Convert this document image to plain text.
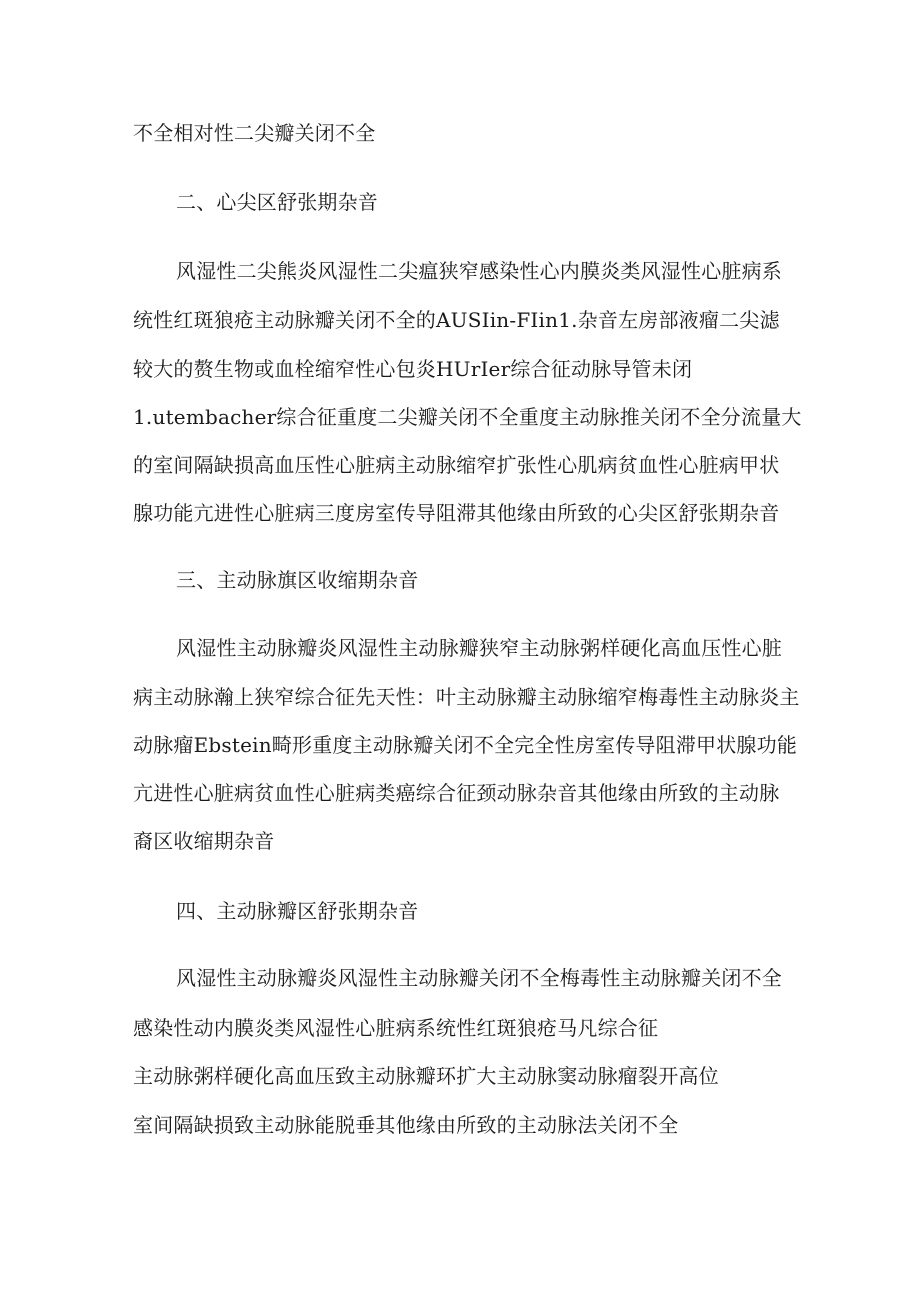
不全相对性二尖瓣关闭不全
二、心尖区舒张期杂音
风湿性二尖熊炎风湿性二尖瘟狭窄感染性心内膜炎类风湿性心脏病系
统性红斑狼疮主动脉瓣关闭不全的AUSIin-FIin1.杂音左房部液瘤二尖滤
较大的赘生物或血栓缩窄性心包炎HUrIer综合征动脉导管未闭
1.utembacher综合征重度二尖瓣关闭不全重度主动脉推关闭不全分流量大
的室间隔缺损高血压性心脏病主动脉缩窄扩张性心肌病贫血性心脏病甲状
腺功能亢进性心脏病三度房室传导阻滞其他缘由所致的心尖区舒张期杂音
三、主动脉旗区收缩期杂音
风湿性主动脉瓣炎风湿性主动脉瓣狭窄主动脉粥样硬化高血压性心脏
病主动脉瀚上狭窄综合征先天性：叶主动脉瓣主动脉缩窄梅毒性主动脉炎主
动脉瘤Ebstein畸形重度主动脉瓣关闭不全完全性房室传导阻滞甲状腺功能
亢进性心脏病贫血性心脏病类癌综合征颈动脉杂音其他缘由所致的主动脉
裔区收缩期杂音
四、主动脉瓣区舒张期杂音
风湿性主动脉瓣炎风湿性主动脉瓣关闭不全梅毒性主动脉瓣关闭不全
感染性动内膜炎类风湿性心脏病系统性红斑狼疮马凡综合征
主动脉粥样硬化高血压致主动脉瓣环扩大主动脉窦动脉瘤裂开高位
室间隔缺损致主动脉能脱垂其他缘由所致的主动脉法关闭不全
